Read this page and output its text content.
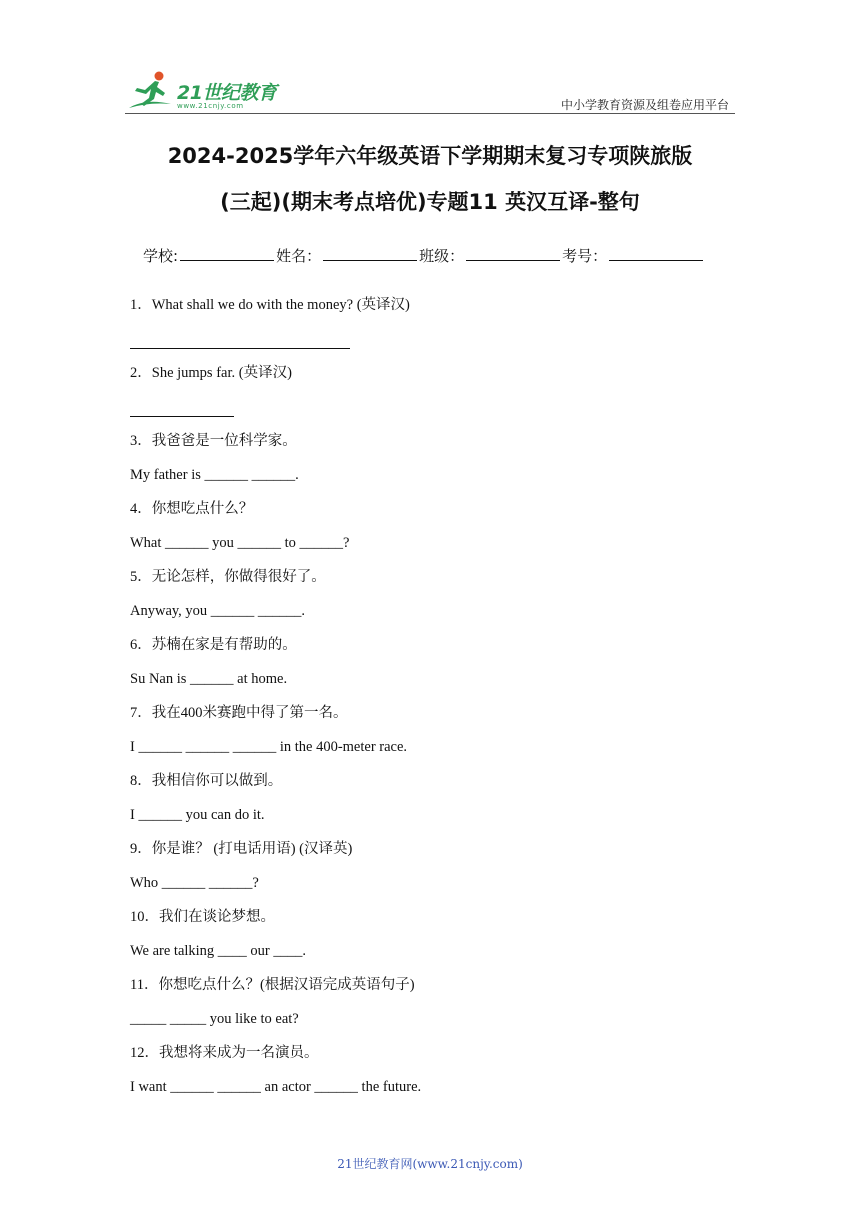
21世纪教育
www.21cnjy.com	中小学教育资源及组卷应用平台
2024-2025学年六年级英语下学期期末复习专项陕旅版
(三起)(期末考点培优)专题11 英汉互译-整句
学校:	姓名：	班级：	考号：
1．What shall we do with the money? (英译汉)
2．She jumps far. (英译汉)
3．我爸爸是一位科学家。
My father is ______ ______.
4．你想吃点什么？
What ______ you ______ to ______?
5．无论怎样，你做得很好了。
Anyway, you ______ ______.
6．苏楠在家是有帮助的。
Su Nan is ______ at home.
7．我在400米赛跑中得了第一名。
I ______ ______ ______ in the 400-meter race.
8．我相信你可以做到。
I ______ you can do it.
9．你是谁？ (打电话用语) (汉译英)
Who ______ ______?
10．我们在谈论梦想。
We are talking ____ our ____.
11．你想吃点什么？(根据汉语完成英语句子)
_____ _____ you like to eat?
12．我想将来成为一名演员。
I want ______ ______ an actor ______ the future.
21世纪教育网(www.21cnjy.com)
